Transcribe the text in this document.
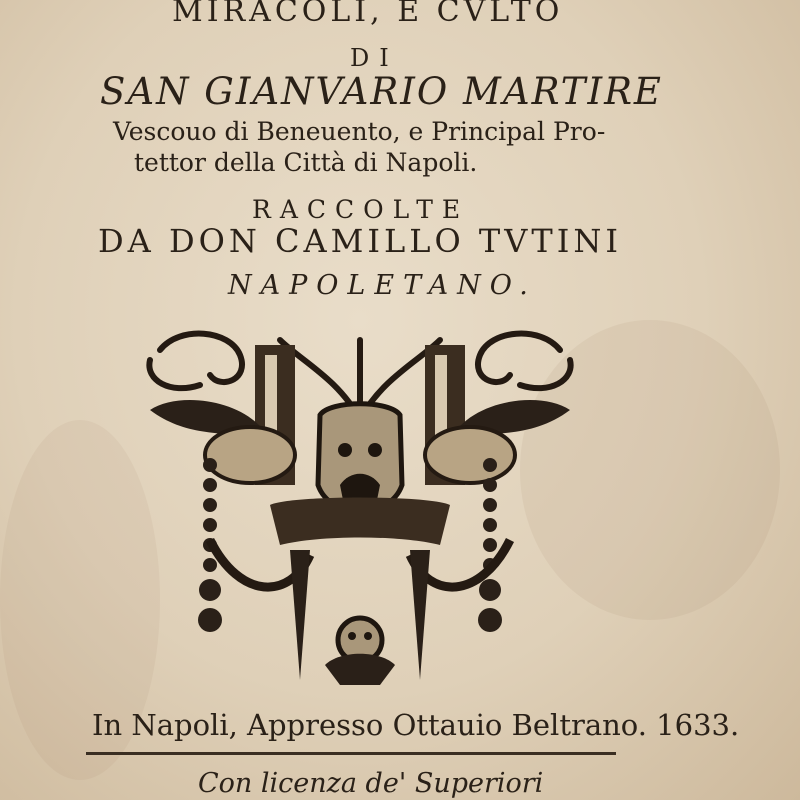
MIRACOLI, E CVLTO
DI
SAN GIANVARIO MARTIRE
Vescouo di Beneuento, e Principal Pro-
tettor della Città di Napoli.
RACCOLTE
DA DON CAMILLO TVTINI
NAPOLETANO.
In Napoli, Appresso Ottauio Beltrano. 1633.
Con licenza de' Superiori
